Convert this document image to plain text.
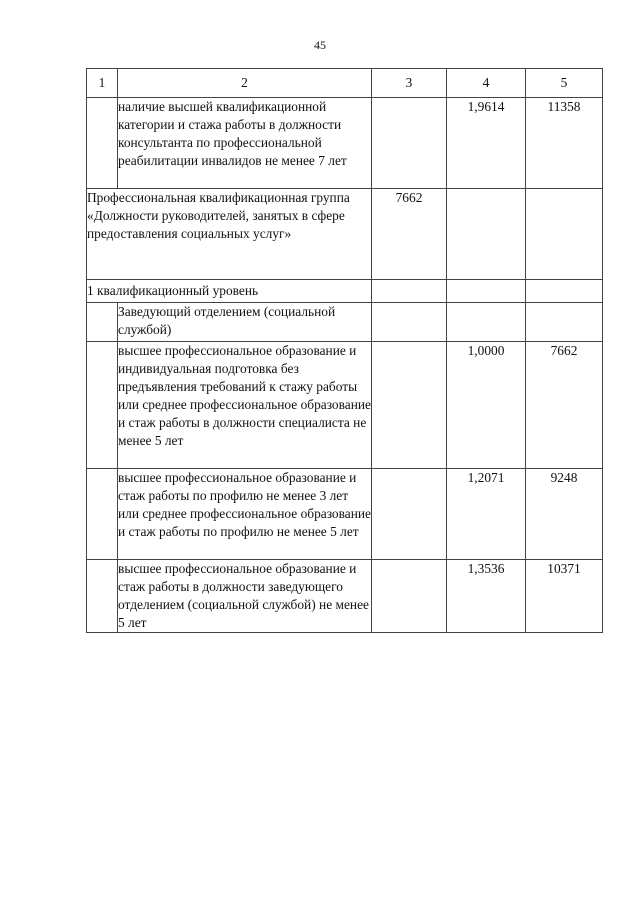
45
1	2	3	4	5
	наличие высшей квалификационной категории и стажа работы в должности консультанта по профессиональной реабилитации инвалидов не менее 7 лет		1,9614	11358
Профессиональная квалификационная группа «Должности руководителей, занятых в сфере предоставления социальных услуг»		7662		
1 квалификационный уровень				
	Заведующий отделением (социальной службой)			
	высшее профессиональное образование и индивидуальная подготовка без предъявления требований к стажу работы или среднее профессиональное образование и стаж работы в должности специалиста не менее 5 лет		1,0000	7662
	высшее профессиональное образование и стаж работы по профилю не менее 3 лет или среднее профессиональное образование и стаж работы по профилю не менее 5 лет		1,2071	9248
	высшее профессиональное образование и стаж работы в должности заведующего отделением (социальной службой) не менее 5 лет		1,3536	10371
